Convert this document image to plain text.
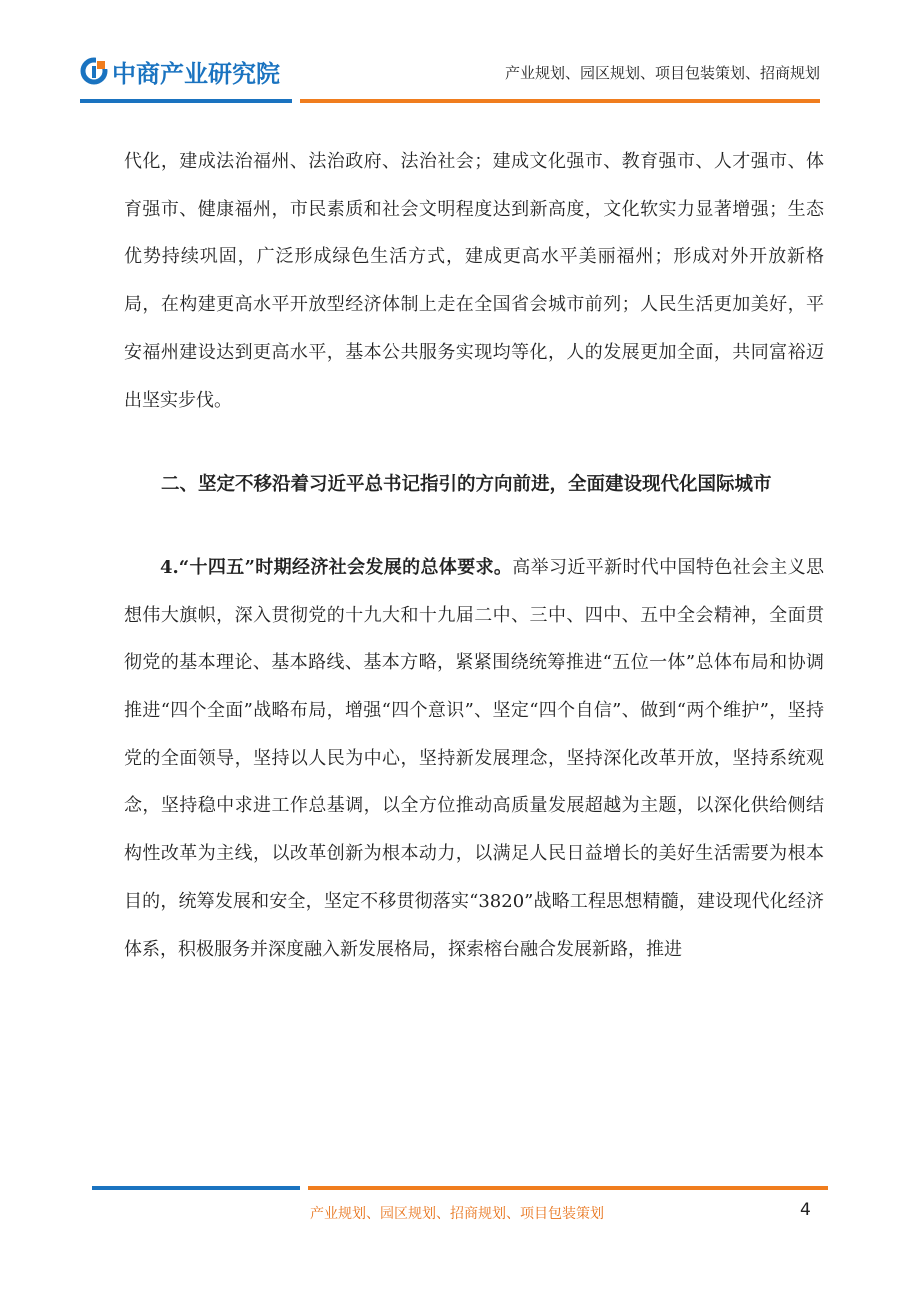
中商产业研究院	产业规划、园区规划、项目包装策划、招商规划

代化，建成法治福州、法治政府、法治社会；建成文化强市、教育强市、人才强市、体育强市、健康福州，市民素质和社会文明程度达到新高度，文化软实力显著增强；生态优势持续巩固，广泛形成绿色生活方式，建成更高水平美丽福州；形成对外开放新格局，在构建更高水平开放型经济体制上走在全国省会城市前列；人民生活更加美好，平安福州建设达到更高水平，基本公共服务实现均等化，人的发展更加全面，共同富裕迈出坚实步伐。

二、坚定不移沿着习近平总书记指引的方向前进，全面建设现代化国际城市

4.“十四五”时期经济社会发展的总体要求。高举习近平新时代中国特色社会主义思想伟大旗帜，深入贯彻党的十九大和十九届二中、三中、四中、五中全会精神，全面贯彻党的基本理论、基本路线、基本方略，紧紧围绕统筹推进“五位一体”总体布局和协调推进“四个全面”战略布局，增强“四个意识”、坚定“四个自信”、做到“两个维护”，坚持党的全面领导，坚持以人民为中心，坚持新发展理念，坚持深化改革开放，坚持系统观念，坚持稳中求进工作总基调，以全方位推动高质量发展超越为主题，以深化供给侧结构性改革为主线，以改革创新为根本动力，以满足人民日益增长的美好生活需要为根本目的，统筹发展和安全，坚定不移贯彻落实“3820”战略工程思想精髓，建设现代化经济体系，积极服务并深度融入新发展格局，探索榕台融合发展新路，推进

产业规划、园区规划、招商规划、项目包装策划	4
